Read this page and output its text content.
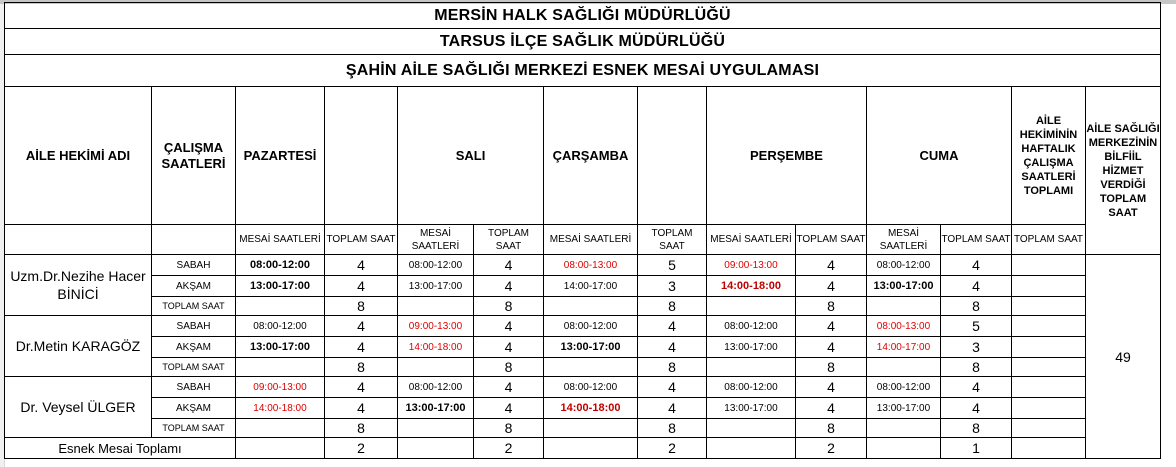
MERSİN HALK SAĞLIĞI MÜDÜRLÜĞÜ													
TARSUS İLÇE SAĞLIK MÜDÜRLÜĞÜ													
ŞAHİN AİLE SAĞLIĞI MERKEZİ ESNEK MESAİ UYGULAMASI													
AİLE HEKİMİ ADI	ÇALIŞMA SAATLERİ	PAZARTESİ		SALI		ÇARŞAMBA		PERŞEMBE		CUMA		AİLE HEKİMİNİN HAFTALIK ÇALIŞMA SAATLERİ TOPLAMI	AİLE SAĞLIĞI MERKEZİNİN BİLFİİL HİZMET VERDİĞİ TOPLAM SAAT
		MESAİ SAATLERİ	TOPLAM SAAT	MESAİ SAATLERİ	TOPLAM SAAT	MESAİ SAATLERİ	TOPLAM SAAT	MESAİ SAATLERİ	TOPLAM SAAT	MESAİ SAATLERİ	TOPLAM SAAT	TOPLAM SAAT	
Uzm.Dr.Nezihe Hacer BİNİCİ	SABAH	08:00-12:00	4	08:00-12:00	4	08:00-13:00	5	09:00-13:00	4	08:00-12:00	4		49
	AKŞAM	13:00-17:00	4	13:00-17:00	4	14:00-17:00	3	14:00-18:00	4	13:00-17:00	4		
	TOPLAM SAAT		8		8		8		8		8		
Dr.Metin KARAGÖZ	SABAH	08:00-12:00	4	09:00-13:00	4	08:00-12:00	4	08:00-12:00	4	08:00-13:00	5		
	AKŞAM	13:00-17:00	4	14:00-18:00	4	13:00-17:00	4	13:00-17:00	4	14:00-17:00	3		
	TOPLAM SAAT		8		8		8		8		8		
Dr. Veysel ÜLGER	SABAH	09:00-13:00	4	08:00-12:00	4	08:00-12:00	4	08:00-12:00	4	08:00-12:00	4		
	AKŞAM	14:00-18:00	4	13:00-17:00	4	14:00-18:00	4	13:00-17:00	4	13:00-17:00	4		
	TOPLAM SAAT		8		8		8		8		8		
Esnek Mesai Toplamı			2		2		2		2		1		
